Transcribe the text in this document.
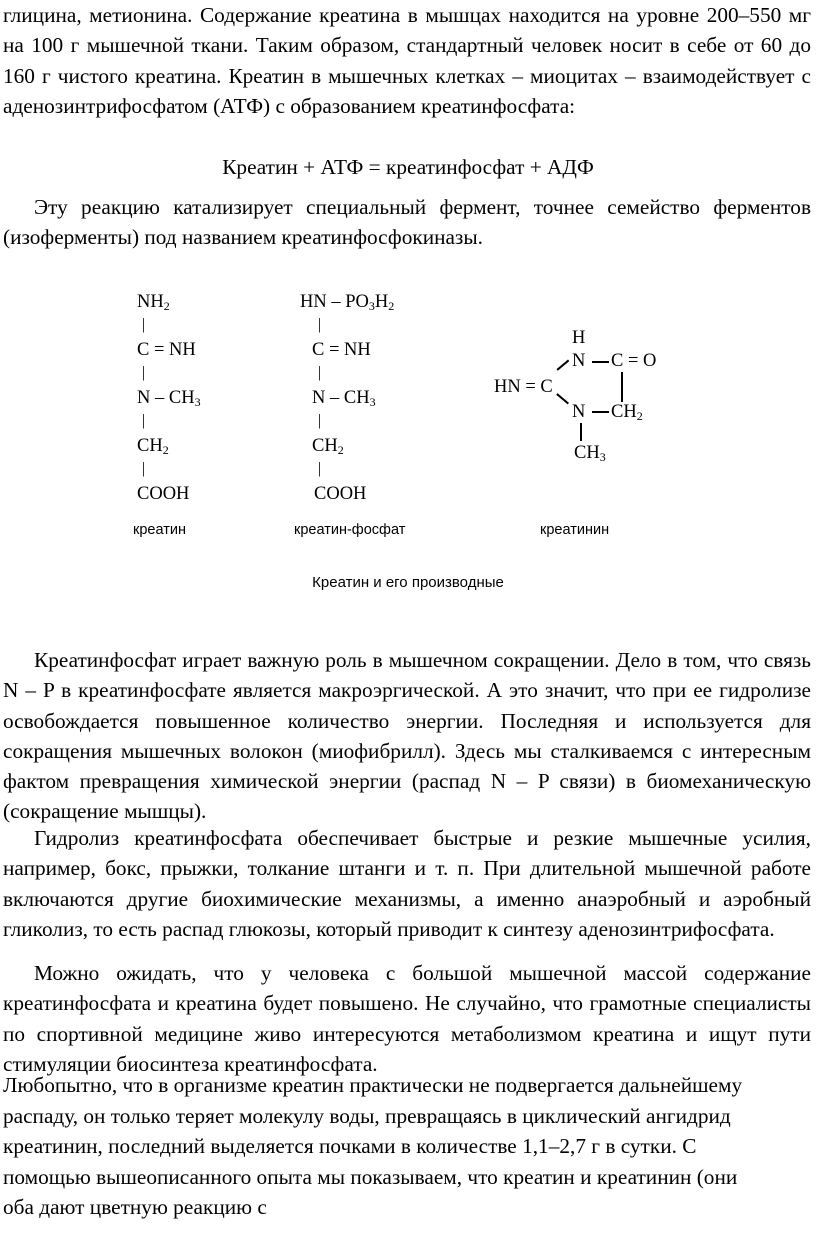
глицина, метионина. Содержание креатина в мышцах находится на уровне 200–550 мг на 100 г мышечной ткани. Таким образом, стандартный человек носит в себе от 60 до 160 г чистого креатина. Креатин в мышечных клетках – миоцитах – взаимодействует с аденозинтрифосфатом (АТФ) с образованием креатинфосфата:

Креатин + АТФ = креатинфосфат + АДФ

Эту реакцию катализирует специальный фермент, точнее семейство ферментов (изоферменты) под названием креатинфосфокиназы.

$NH_2$
|
C = NH
|
N – $CH_3$
|
$CH_2$
|
COOH
HN – $PO_3H_2$
|
C = NH
|
N – $CH_3$
|
$CH_2$
|
COOH
H
N C = O
HN = C
N $CH_2$
$CH_3$
креатин	креатин-фосфат	креатинин
Креатин и его производные

Креатинфосфат играет важную роль в мышечном сокращении. Дело в том, что связь N – P в креатинфосфате является макроэргической. А это значит, что при ее гидролизе освобождается повышенное количество энергии. Последняя и используется для сокращения мышечных волокон (миофибрилл). Здесь мы сталкиваемся с интересным фактом превращения химической энергии (распад N – P связи) в биомеханическую (сокращение мышцы).

Гидролиз креатинфосфата обеспечивает быстрые и резкие мышечные усилия, например, бокс, прыжки, толкание штанги и т. п. При длительной мышечной работе включаются другие биохимические механизмы, а именно анаэробный и аэробный гликолиз, то есть распад глюкозы, который приводит к синтезу аденозинтрифосфата.

Можно ожидать, что у человека с большой мышечной массой содержание креатинфосфата и креатина будет повышено. Не случайно, что грамотные специалисты по спортивной медицине живо интересуются метаболизмом креатина и ищут пути стимуляции биосинтеза креатинфосфата.

Любопытно, что в организме креатин практически не подвергается дальнейшему распаду, он только теряет молекулу воды, превращаясь в циклический ангидрид креатинин, последний выделяется почками в количестве 1,1–2,7 г в сутки. С помощью вышеописанного опыта мы показываем, что креатин и креатинин (они оба дают цветную реакцию с
